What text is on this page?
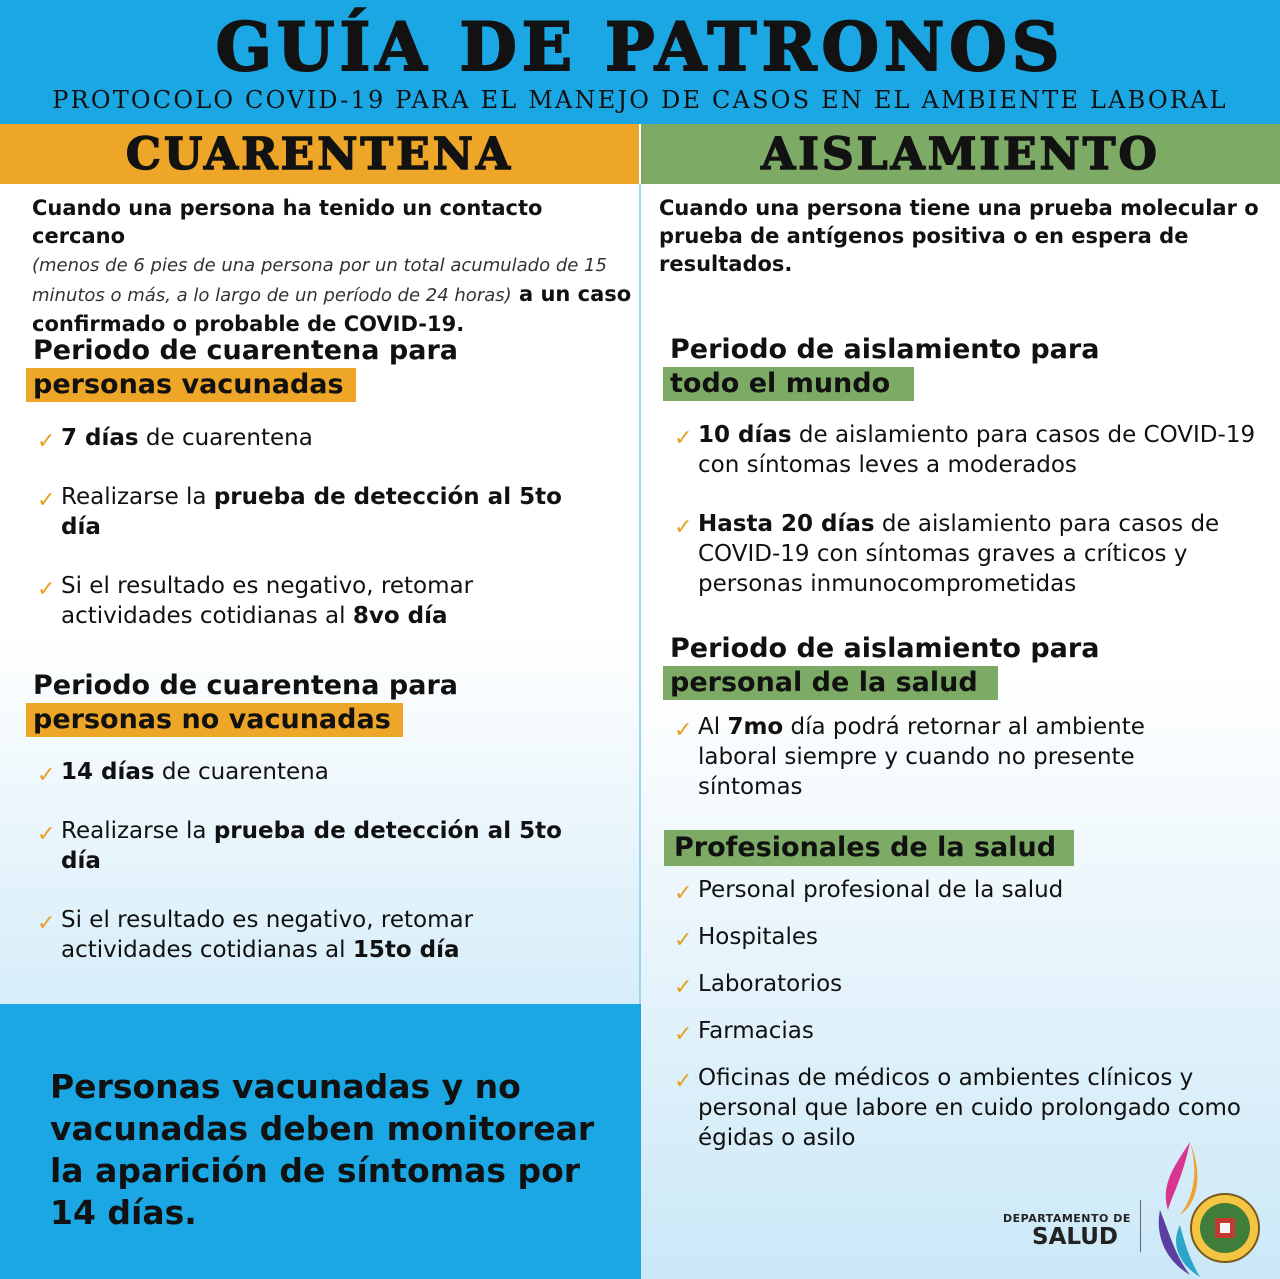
GUÍA DE PATRONOS
PROTOCOLO COVID-19 PARA EL MANEJO DE CASOS EN EL AMBIENTE LABORAL
CUARENTENA	AISLAMIENTO
Cuando una persona ha tenido un contacto cercano
(menos de 6 pies de una persona por un total acumulado de 15 minutos o más, a lo largo de un período de 24 horas) a un caso confirmado o probable de COVID-19.
Periodo de cuarentena para
personas vacunadas
✓ 7 días de cuarentena
✓ Realizarse la prueba de detección al 5to día
✓ Si el resultado es negativo, retomar actividades cotidianas al 8vo día
Periodo de cuarentena para
personas no vacunadas
✓ 14 días de cuarentena
✓ Realizarse la prueba de detección al 5to día
✓ Si el resultado es negativo, retomar actividades cotidianas al 15to día
Personas vacunadas y no vacunadas deben monitorear la aparición de síntomas por 14 días.
Cuando una persona tiene una prueba molecular o prueba de antígenos positiva o en espera de resultados.
Periodo de aislamiento para
todo el mundo
✓ 10 días de aislamiento para casos de COVID-19 con síntomas leves a moderados
✓ Hasta 20 días de aislamiento para casos de COVID-19 con síntomas graves a críticos y personas inmunocomprometidas
Periodo de aislamiento para
personal de la salud
✓ Al 7mo día podrá retornar al ambiente laboral siempre y cuando no presente síntomas
Profesionales de la salud
✓ Personal profesional de la salud
✓ Hospitales
✓ Laboratorios
✓ Farmacias
✓ Oficinas de médicos o ambientes clínicos y personal que labore en cuido prolongado como égidas o asilo
DEPARTAMENTO DE
SALUD
